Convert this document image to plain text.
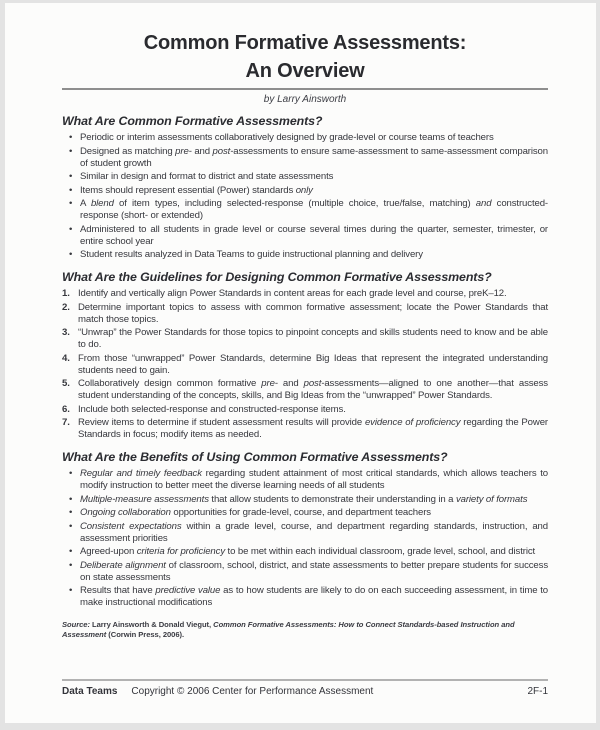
Common Formative Assessments:
An Overview
by Larry Ainsworth
What Are Common Formative Assessments?
• Periodic or interim assessments collaboratively designed by grade-level or course teams of teachers
• Designed as matching pre- and post-assessments to ensure same-assessment to same-assessment comparison of student growth
• Similar in design and format to district and state assessments
• Items should represent essential (Power) standards only
• A blend of item types, including selected-response (multiple choice, true/false, matching) and constructed-response (short- or extended)
• Administered to all students in grade level or course several times during the quarter, semester, trimester, or entire school year
• Student results analyzed in Data Teams to guide instructional planning and delivery
What Are the Guidelines for Designing Common Formative Assessments?
1. Identify and vertically align Power Standards in content areas for each grade level and course, preK–12.
2. Determine important topics to assess with common formative assessment; locate the Power Standards that match those topics.
3. “Unwrap” the Power Standards for those topics to pinpoint concepts and skills students need to know and be able to do.
4. From those “unwrapped” Power Standards, determine Big Ideas that represent the integrated understanding students need to gain.
5. Collaboratively design common formative pre- and post-assessments—aligned to one another—that assess student understanding of the concepts, skills, and Big Ideas from the “unwrapped” Power Standards.
6. Include both selected-response and constructed-response items.
7. Review items to determine if student assessment results will provide evidence of proficiency regarding the Power Standards in focus; modify items as needed.
What Are the Benefits of Using Common Formative Assessments?
• Regular and timely feedback regarding student attainment of most critical standards, which allows teachers to modify instruction to better meet the diverse learning needs of all students
• Multiple-measure assessments that allow students to demonstrate their understanding in a variety of formats
• Ongoing collaboration opportunities for grade-level, course, and department teachers
• Consistent expectations within a grade level, course, and department regarding standards, instruction, and assessment priorities
• Agreed-upon criteria for proficiency to be met within each individual classroom, grade level, school, and district
• Deliberate alignment of classroom, school, district, and state assessments to better prepare students for success on state assessments
• Results that have predictive value as to how students are likely to do on each succeeding assessment, in time to make instructional modifications

Source: Larry Ainsworth & Donald Viegut, Common Formative Assessments: How to Connect Standards-based Instruction and Assessment (Corwin Press, 2006).

Data Teams Copyright © 2006 Center for Performance Assessment	2F-1
